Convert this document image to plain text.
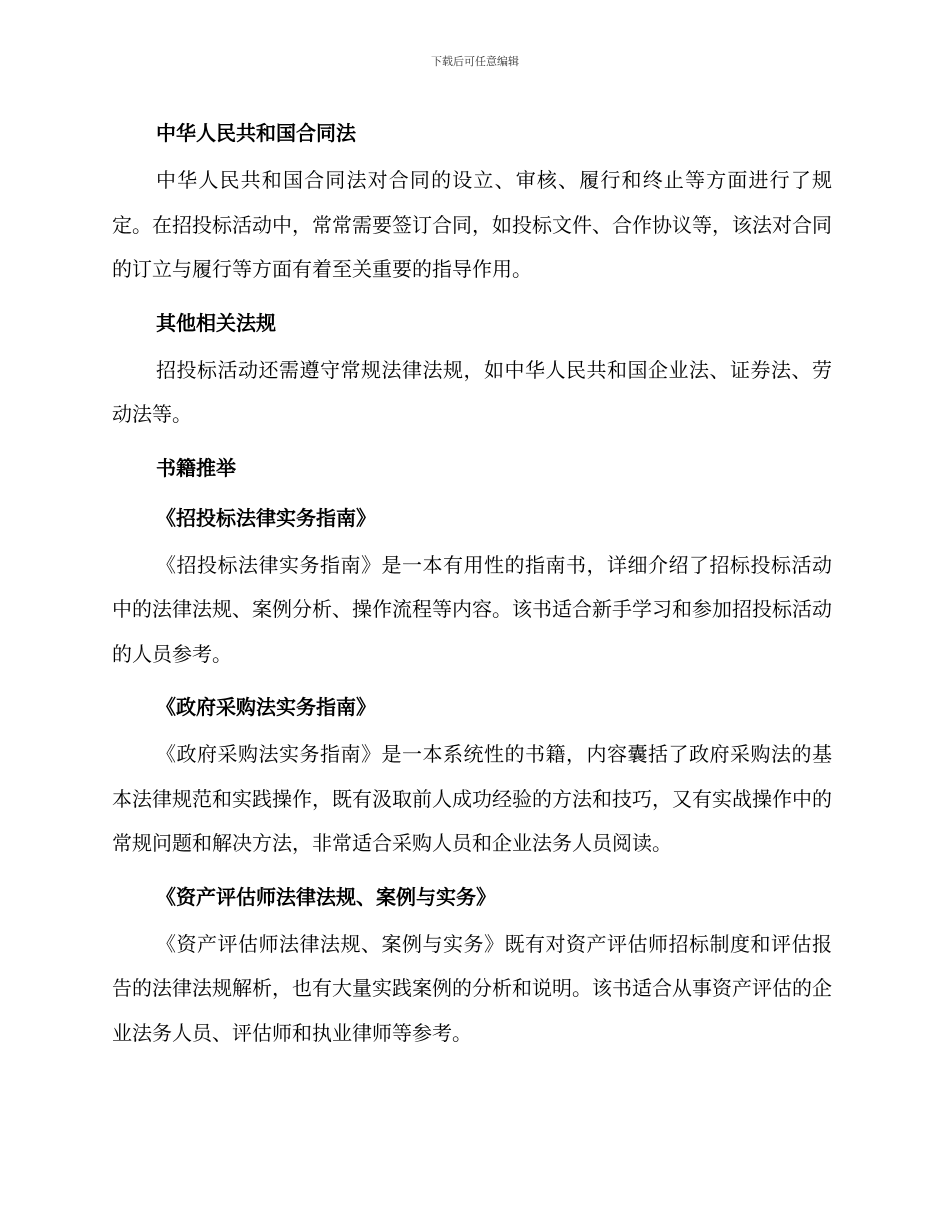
下载后可任意编辑
中华人民共和国合同法

中华人民共和国合同法对合同的设立、审核、履行和终止等方面进行了规定。在招投标活动中，常常需要签订合同，如投标文件、合作协议等，该法对合同的订立与履行等方面有着至关重要的指导作用。

其他相关法规

招投标活动还需遵守常规法律法规，如中华人民共和国企业法、证券法、劳动法等。

书籍推举
《招投标法律实务指南》

《招投标法律实务指南》是一本有用性的指南书，详细介绍了招标投标活动中的法律法规、案例分析、操作流程等内容。该书适合新手学习和参加招投标活动的人员参考。

《政府采购法实务指南》

《政府采购法实务指南》是一本系统性的书籍，内容囊括了政府采购法的基本法律规范和实践操作，既有汲取前人成功经验的方法和技巧，又有实战操作中的常规问题和解决方法，非常适合采购人员和企业法务人员阅读。

《资产评估师法律法规、案例与实务》

《资产评估师法律法规、案例与实务》既有对资产评估师招标制度和评估报告的法律法规解析，也有大量实践案例的分析和说明。该书适合从事资产评估的企业法务人员、评估师和执业律师等参考。
